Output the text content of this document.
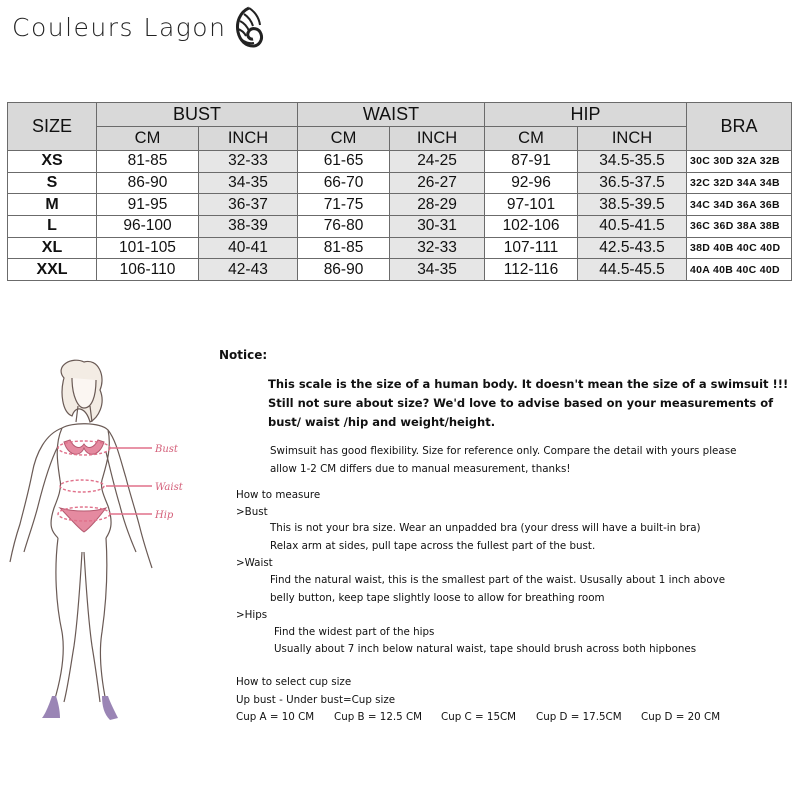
Couleurs Lagon
SIZE	BUST		WAIST		HIP		BRA
	CM	INCH	CM	INCH	CM	INCH	
XS	81-85	32-33	61-65	24-25	87-91	34.5-35.5	30C 30D 32A 32B
S	86-90	34-35	66-70	26-27	92-96	36.5-37.5	32C 32D 34A 34B
M	91-95	36-37	71-75	28-29	97-101	38.5-39.5	34C 34D 36A 36B
L	96-100	38-39	76-80	30-31	102-106	40.5-41.5	36C 36D 38A 38B
XL	101-105	40-41	81-85	32-33	107-111	42.5-43.5	38D 40B 40C 40D
XXL	106-110	42-43	86-90	34-35	112-116	44.5-45.5	40A 40B 40C 40D
Bust
Waist
Hip
Notice:
This scale is the size of a human body. It doesn't mean the size of a swimsuit !!!
Still not sure about size? We'd love to advise based on your measurements of
bust/ waist /hip and weight/height.
Swimsuit has good flexibility. Size for reference only. Compare the detail with yours please
allow 1-2 CM differs due to manual measurement, thanks!
How to measure
>Bust
This is not your bra size. Wear an unpadded bra (your dress will have a built-in bra)
Relax arm at sides, pull tape across the fullest part of the bust.
>Waist
Find the natural waist, this is the smallest part of the waist. Ususally about 1 inch above
belly button, keep tape slightly loose to allow for breathing room
>Hips
Find the widest part of the hips
Usually about 7 inch below natural waist, tape should brush across both hipbones
How to select cup size
Up bust - Under bust=Cup size
Cup A = 10 CM Cup B = 12.5 CM Cup C = 15CM Cup D = 17.5CM Cup D = 20 CM
